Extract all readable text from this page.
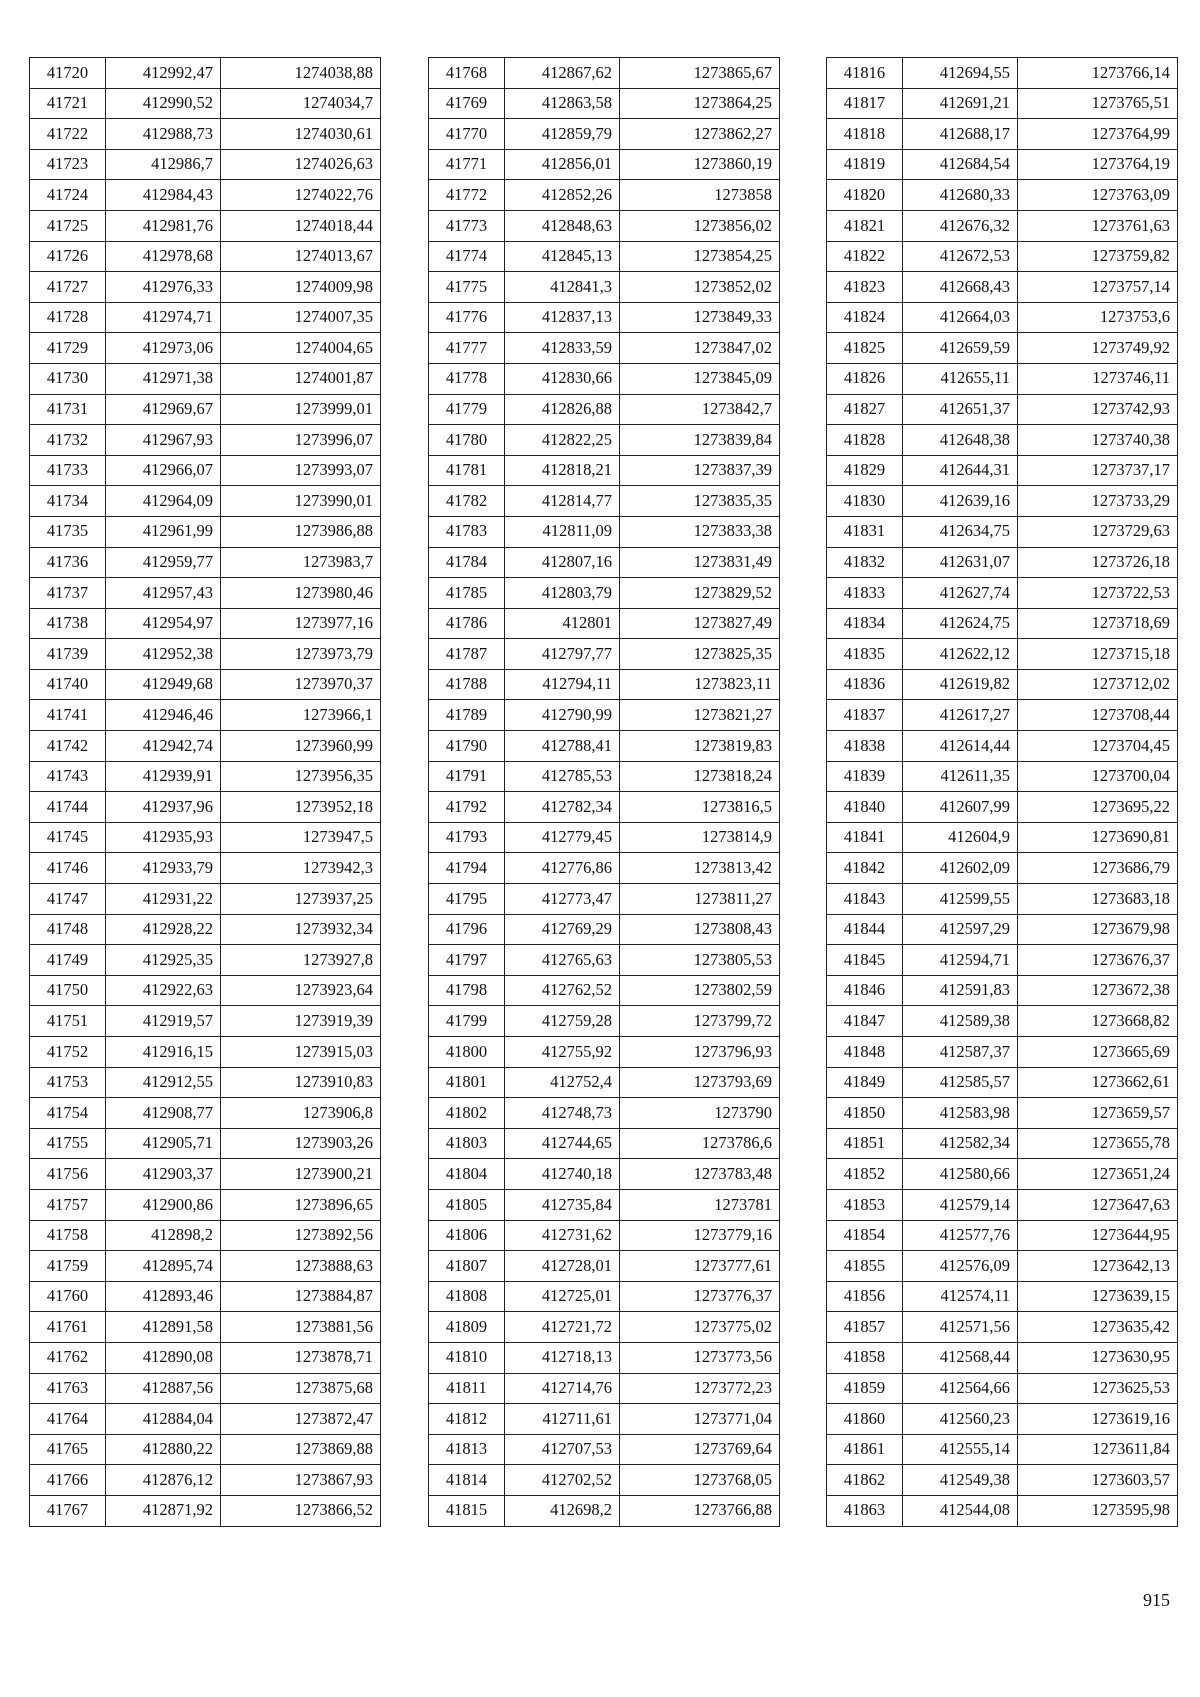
41720	412992,47	1274038,88
41721	412990,52	1274034,7
41722	412988,73	1274030,61
41723	412986,7	1274026,63
41724	412984,43	1274022,76
41725	412981,76	1274018,44
41726	412978,68	1274013,67
41727	412976,33	1274009,98
41728	412974,71	1274007,35
41729	412973,06	1274004,65
41730	412971,38	1274001,87
41731	412969,67	1273999,01
41732	412967,93	1273996,07
41733	412966,07	1273993,07
41734	412964,09	1273990,01
41735	412961,99	1273986,88
41736	412959,77	1273983,7
41737	412957,43	1273980,46
41738	412954,97	1273977,16
41739	412952,38	1273973,79
41740	412949,68	1273970,37
41741	412946,46	1273966,1
41742	412942,74	1273960,99
41743	412939,91	1273956,35
41744	412937,96	1273952,18
41745	412935,93	1273947,5
41746	412933,79	1273942,3
41747	412931,22	1273937,25
41748	412928,22	1273932,34
41749	412925,35	1273927,8
41750	412922,63	1273923,64
41751	412919,57	1273919,39
41752	412916,15	1273915,03
41753	412912,55	1273910,83
41754	412908,77	1273906,8
41755	412905,71	1273903,26
41756	412903,37	1273900,21
41757	412900,86	1273896,65
41758	412898,2	1273892,56
41759	412895,74	1273888,63
41760	412893,46	1273884,87
41761	412891,58	1273881,56
41762	412890,08	1273878,71
41763	412887,56	1273875,68
41764	412884,04	1273872,47
41765	412880,22	1273869,88
41766	412876,12	1273867,93
41767	412871,92	1273866,52
41768	412867,62	1273865,67
41769	412863,58	1273864,25
41770	412859,79	1273862,27
41771	412856,01	1273860,19
41772	412852,26	1273858
41773	412848,63	1273856,02
41774	412845,13	1273854,25
41775	412841,3	1273852,02
41776	412837,13	1273849,33
41777	412833,59	1273847,02
41778	412830,66	1273845,09
41779	412826,88	1273842,7
41780	412822,25	1273839,84
41781	412818,21	1273837,39
41782	412814,77	1273835,35
41783	412811,09	1273833,38
41784	412807,16	1273831,49
41785	412803,79	1273829,52
41786	412801	1273827,49
41787	412797,77	1273825,35
41788	412794,11	1273823,11
41789	412790,99	1273821,27
41790	412788,41	1273819,83
41791	412785,53	1273818,24
41792	412782,34	1273816,5
41793	412779,45	1273814,9
41794	412776,86	1273813,42
41795	412773,47	1273811,27
41796	412769,29	1273808,43
41797	412765,63	1273805,53
41798	412762,52	1273802,59
41799	412759,28	1273799,72
41800	412755,92	1273796,93
41801	412752,4	1273793,69
41802	412748,73	1273790
41803	412744,65	1273786,6
41804	412740,18	1273783,48
41805	412735,84	1273781
41806	412731,62	1273779,16
41807	412728,01	1273777,61
41808	412725,01	1273776,37
41809	412721,72	1273775,02
41810	412718,13	1273773,56
41811	412714,76	1273772,23
41812	412711,61	1273771,04
41813	412707,53	1273769,64
41814	412702,52	1273768,05
41815	412698,2	1273766,88
41816	412694,55	1273766,14
41817	412691,21	1273765,51
41818	412688,17	1273764,99
41819	412684,54	1273764,19
41820	412680,33	1273763,09
41821	412676,32	1273761,63
41822	412672,53	1273759,82
41823	412668,43	1273757,14
41824	412664,03	1273753,6
41825	412659,59	1273749,92
41826	412655,11	1273746,11
41827	412651,37	1273742,93
41828	412648,38	1273740,38
41829	412644,31	1273737,17
41830	412639,16	1273733,29
41831	412634,75	1273729,63
41832	412631,07	1273726,18
41833	412627,74	1273722,53
41834	412624,75	1273718,69
41835	412622,12	1273715,18
41836	412619,82	1273712,02
41837	412617,27	1273708,44
41838	412614,44	1273704,45
41839	412611,35	1273700,04
41840	412607,99	1273695,22
41841	412604,9	1273690,81
41842	412602,09	1273686,79
41843	412599,55	1273683,18
41844	412597,29	1273679,98
41845	412594,71	1273676,37
41846	412591,83	1273672,38
41847	412589,38	1273668,82
41848	412587,37	1273665,69
41849	412585,57	1273662,61
41850	412583,98	1273659,57
41851	412582,34	1273655,78
41852	412580,66	1273651,24
41853	412579,14	1273647,63
41854	412577,76	1273644,95
41855	412576,09	1273642,13
41856	412574,11	1273639,15
41857	412571,56	1273635,42
41858	412568,44	1273630,95
41859	412564,66	1273625,53
41860	412560,23	1273619,16
41861	412555,14	1273611,84
41862	412549,38	1273603,57
41863	412544,08	1273595,98
915
